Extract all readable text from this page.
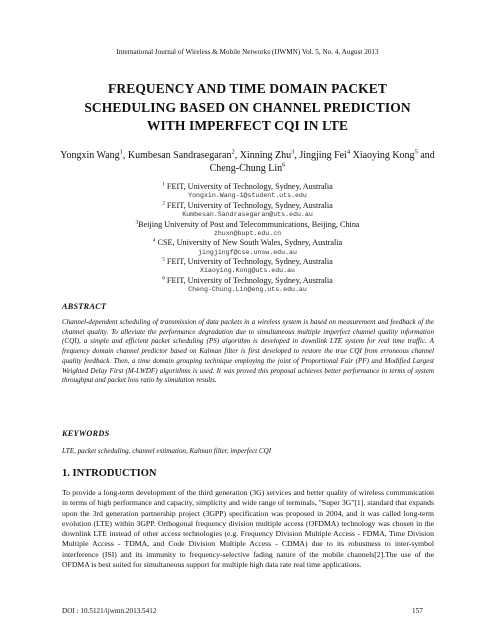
International Journal of Wireless & Mobile Networks (IJWMN) Vol. 5, No. 4, August 2013
FREQUENCY AND TIME DOMAIN PACKET
SCHEDULING BASED ON CHANNEL PREDICTION
WITH IMPERFECT CQI IN LTE
Yongxin Wang$^1$, Kumbesan Sandrasegaran$^2$, Xinning Zhu$^3$, Jingjing Fei$^4$ Xiaoying Kong$^5$ and Cheng-Chung Lin$^6$
$^1$ FEIT, University of Technology, Sydney, Australia
Yongxin.Wang-1@student.uts.edu
$^2$ FEIT, University of Technology, Sydney, Australia
Kumbesan.Sandrasegaran@uts.edu.au
$^3$Beijing University of Post and Telecommunications, Beijing, China
zhuxn@bupt.edu.cn
$^4$ CSE, University of New South Wales, Sydney, Australia
jingjingf@cse.unsw.edu.au
$^5$ FEIT, University of Technology, Sydney, Australia
Xiaoying.Kong@uts.edu.au
$^6$ FEIT, University of Technology, Sydney, Australia
Cheng-Chung.Lin@eng.uts.edu.au
ABSTRACT
Channel-dependent scheduling of transmission of data packets in a wireless system is based on measurement and feedback of the channel quality. To alleviate the performance degradation due to simultaneous multiple imperfect channel quality information (CQI), a simple and efficient packet scheduling (PS) algorithm is developed in downlink LTE system for real time traffic. A frequency domain channel predictor based on Kalman filter is first developed to restore the true CQI from erroneous channel quality feedback. Then, a time domain grouping technique employing the joint of Proportional Fair (PF) and Modified Largest Weighted Delay First (M-LWDF) algorithms is used. It was proved this proposal achieves better performance in terms of system throughput and packet loss ratio by simulation results.
KEYWORDS
LTE, packet scheduling, channel estimation, Kalman filter, imperfect CQI
1. INTRODUCTION
To provide a long-term development of the third generation (3G) services and better quality of wireless communication in terms of high performance and capacity, simplicity and wide range of terminals, "Super 3G"[1]. standard that expands upon the 3rd generation partnership project (3GPP) specification was proposed in 2004, and it was called long-term evolution (LTE) within 3GPP. Orthogonal frequency division multiple access (OFDMA) technology was chosen in the downlink LTE instead of other access technologies (e.g. Frequency Division Multiple Access - FDMA, Time Division Multiple Access - TDMA, and Code Division Multiple Access - CDMA) due to its robustness to inter-symbol interference (ISI) and its immunity to frequency-selective fading nature of the mobile channels[2].The use of the OFDMA is best suited for simultaneous support for multiple high data rate real time applications.
DOI : 10.5121/ijwmn.2013.5412	157
